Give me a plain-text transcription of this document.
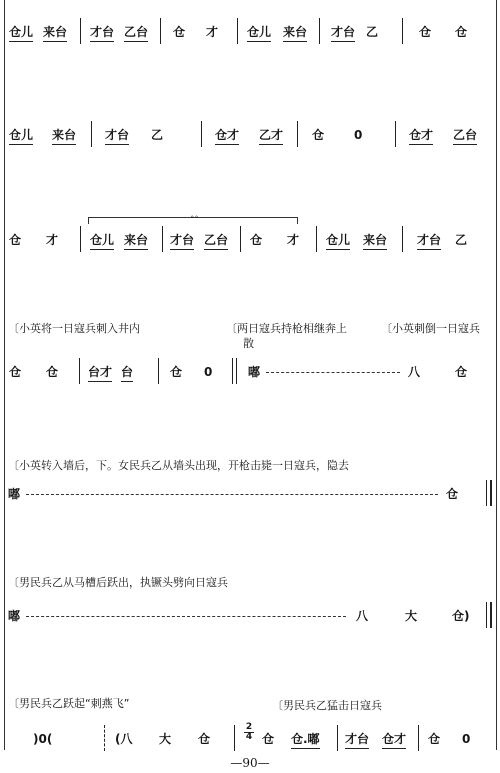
仓儿 来台 才台 乙台 仓 才 仓儿 来台 才台 乙	仓 仓
仓儿 来台 才台 乙	仓才 乙才 仓 0	仓才 乙台
∘∘
仓 才	仓儿 来台 才台 乙台 仓 才 仓儿 来台 才台 乙
〔小英将一日寇兵刺入井内	〔两日寇兵持枪相继奔上	〔小英刺倒一日寇兵
散
仓 仓 台才 台	仓 0	嘟	八	仓
〔小英转入墙后，下。女民兵乙从墙头出现，开枪击毙一日寇兵，隐去
嘟	仓
〔男民兵乙从马槽后跃出，执镢头劈向日寇兵
嘟	八	大	仓)
〔男民兵乙跃起“刺燕飞”	〔男民兵乙猛击日寇兵
)0(	(八 大 仓
2
4 仓 仓.嘟 才台 仓才 仓 0
—90—
